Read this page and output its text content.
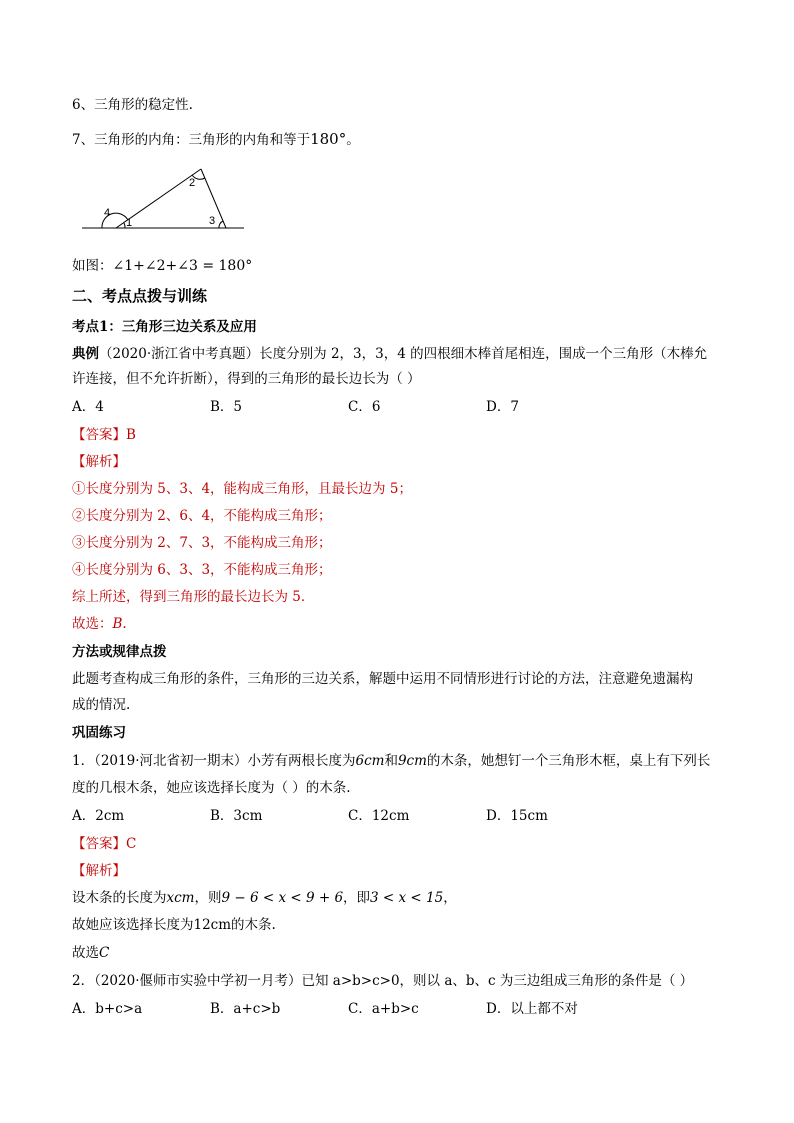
6、三角形的稳定性.
7、三角形的内角：三角形的内角和等于180°。
1
2
3
4
如图：∠1+∠2+∠3 = 180°
二、考点点拨与训练
考点1：三角形三边关系及应用
典例（2020·浙江省中考真题）长度分别为 2，3，3，4 的四根细木棒首尾相连，围成一个三角形（木棒允
许连接，但不允许折断），得到的三角形的最长边长为（ ）
A．4	B．5	C．6	D．7
【答案】B
【解析】
①长度分别为 5、3、4，能构成三角形，且最长边为 5；
②长度分别为 2、6、4，不能构成三角形；
③长度分别为 2、7、3，不能构成三角形；
④长度分别为 6、3、3，不能构成三角形；
综上所述，得到三角形的最长边长为 5．
故选：B.
方法或规律点拨
此题考查构成三角形的条件，三角形的三边关系，解题中运用不同情形进行讨论的方法，注意避免遗漏构
成的情况.
巩固练习
1．（2019·河北省初一期末）小芳有两根长度为6cm和9cm的木条，她想钉一个三角形木框，桌上有下列长
度的几根木条，她应该选择长度为（ ）的木条.
A．2cm	B．3cm	C．12cm	D．15cm
【答案】C
【解析】
设木条的长度为xcm，则9 − 6 < x < 9 + 6，即3 < x < 15，
故她应该选择长度为12cm的木条.
故选C
2．（2020·偃师市实验中学初一月考）已知 a>b>c>0，则以 a、b、c 为三边组成三角形的条件是（ ）
A．b+c>a	B．a+c>b	C．a+b>c	D．以上都不对
